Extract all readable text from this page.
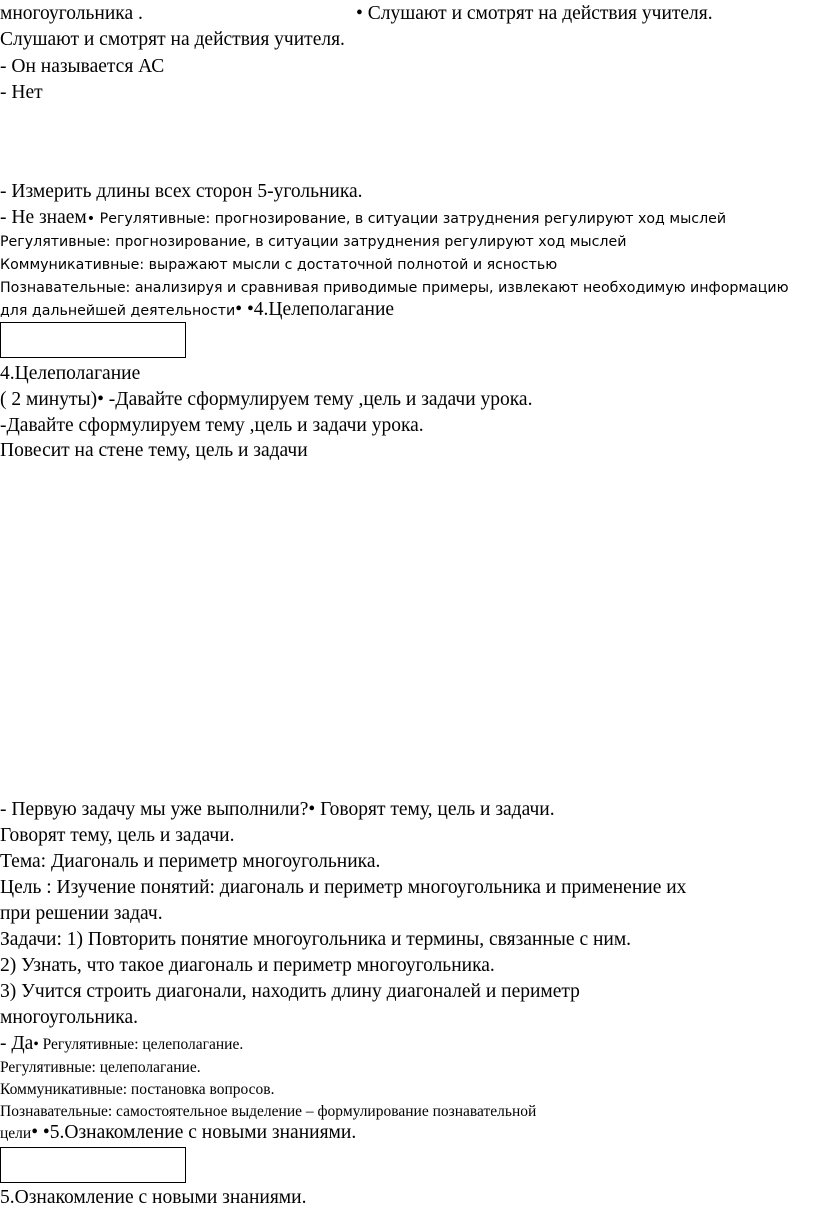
многоугольника .	• Слушают и смотрят на действия учителя.
Слушают и смотрят на действия учителя.
- Он называется АС
- Нет
- Измерить длины всех сторон 5-угольника.
- Не знаем• Регулятивные: прогнозирование, в ситуации затруднения регулируют ход мыслей
Регулятивные: прогнозирование, в ситуации затруднения регулируют ход мыслей
Коммуникативные: выражают мысли с достаточной полнотой и ясностью
Познавательные: анализируя и сравнивая приводимые примеры, извлекают необходимую информацию
для дальнейшей деятельности• •4.Целеполагание
4.Целеполагание
( 2 минуты)• -Давайте сформулируем тему ,цель и задачи урока.
-Давайте сформулируем тему ,цель и задачи урока.
Повесит на стене тему, цель и задачи
- Первую задачу мы уже выполнили?• Говорят тему, цель и задачи.
Говорят тему, цель и задачи.
Тема: Диагональ и периметр многоугольника.
Цель : Изучение понятий: диагональ и периметр многоугольника и применение их
при решении задач.
Задачи: 1) Повторить понятие многоугольника и термины, связанные с ним.
2) Узнать, что такое диагональ и периметр многоугольника.
3) Учится строить диагонали, находить длину диагоналей и периметр
многоугольника.
- Да• Регулятивные: целеполагание.
Регулятивные: целеполагание.
Коммуникативные: постановка вопросов.
Познавательные: самостоятельное выделение – формулирование познавательной
цели• •5.Ознакомление с новыми знаниями.
5.Ознакомление с новыми знаниями.
